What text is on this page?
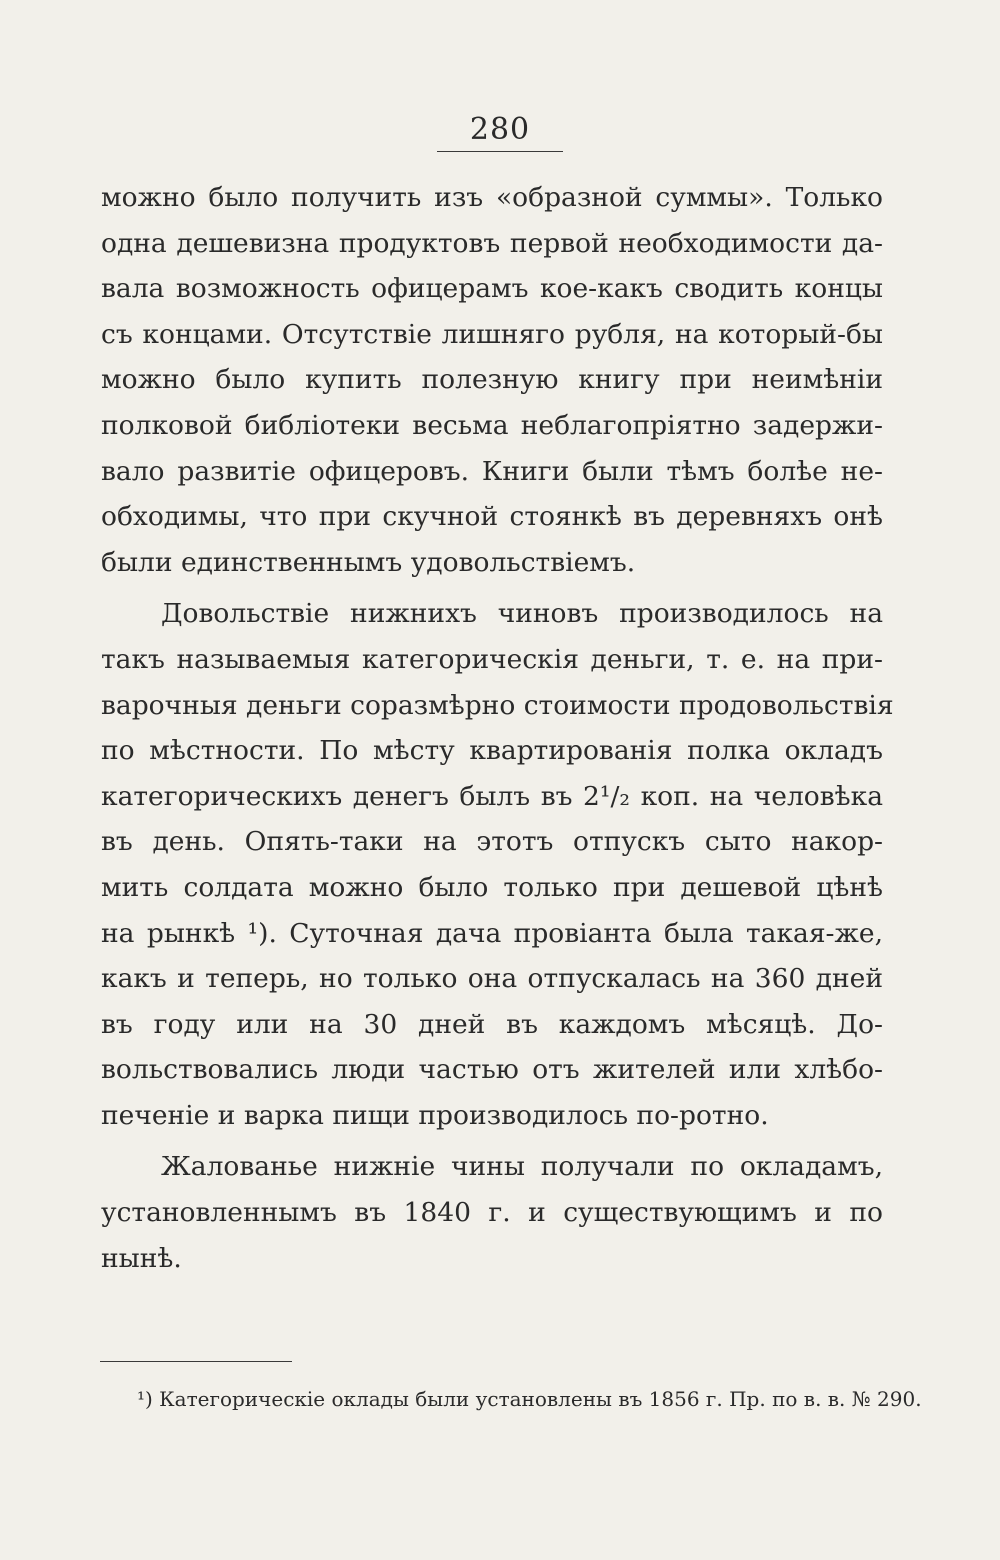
280
можно было получить изъ «образной суммы». Только
одна дешевизна продуктовъ первой необходимости да-
вала возможность офицерамъ кое-какъ сводить концы
съ концами. Отсутствіе лишняго рубля, на который-бы
можно было купить полезную книгу при неимѣніи
полковой библіотеки весьма неблагопріятно задержи-
вало развитіе офицеровъ. Книги были тѣмъ болѣе не-
обходимы, что при скучной стоянкѣ въ деревняхъ онѣ
были единственнымъ удовольствіемъ.
Довольствіе нижнихъ чиновъ производилось на
такъ называемыя категорическія деньги, т. е. на при-
варочныя деньги соразмѣрно стоимости продовольствія
по мѣстности. По мѣсту квартированія полка окладъ
категорическихъ денегъ былъ въ 2¹/₂ коп. на человѣка
въ день. Опять-таки на этотъ отпускъ сыто накор-
мить солдата можно было только при дешевой цѣнѣ
на рынкѣ ¹). Суточная дача провіанта была такая-же,
какъ и теперь, но только она отпускалась на 360 дней
въ году или на 30 дней въ каждомъ мѣсяцѣ. До-
вольствовались люди частью отъ жителей или хлѣбо-
печеніе и варка пищи производилось по-ротно.
Жалованье нижніе чины получали по окладамъ,
установленнымъ въ 1840 г. и существующимъ и по
нынѣ.
¹) Категорическіе оклады были установлены въ 1856 г. Пр. по в. в. № 290.
